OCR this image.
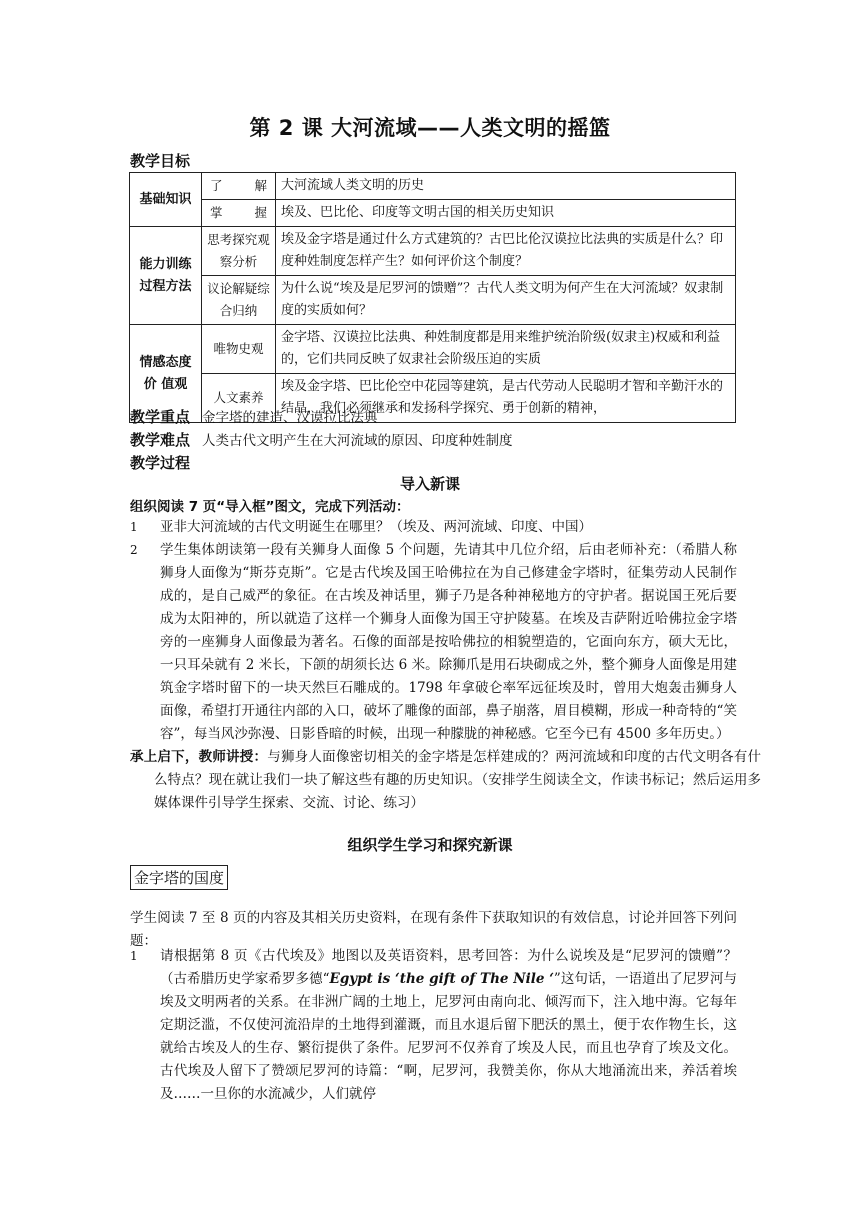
第 2 课 大河流域——人类文明的摇篮
教学目标
基础知识	了 解	大河流域人类文明的历史
	掌 握	埃及、巴比伦、印度等文明古国的相关历史知识
能力训练过程方法	思考探究观察分析	埃及金字塔是通过什么方式建筑的？古巴比伦汉谟拉比法典的实质是什么？印度种姓制度怎样产生？如何评价这个制度？
	议论解疑综合归纳	为什么说“埃及是尼罗河的馈赠”？古代人类文明为何产生在大河流域？奴隶制度的实质如何？
情感态度价 值观	唯物史观	金字塔、汉谟拉比法典、种姓制度都是用来维护统治阶级(奴隶主)权威和利益的，它们共同反映了奴隶社会阶级压迫的实质
	人文素养	埃及金字塔、巴比伦空中花园等建筑，是古代劳动人民聪明才智和辛勤汗水的结晶，我们必须继承和发扬科学探究、勇于创新的精神，
教学重点 金字塔的建造、汉谟拉比法典
教学难点 人类古代文明产生在大河流域的原因、印度种姓制度
教学过程
导入新课
组织阅读 7 页“导入框”图文，完成下列活动：
1 亚非大河流域的古代文明诞生在哪里？（埃及、两河流域、印度、中国）
2 学生集体朗读第一段有关狮身人面像 5 个问题，先请其中几位介绍，后由老师补充：（希腊人称狮身人面像为“斯芬克斯”。它是古代埃及国王哈佛拉在为自己修建金字塔时，征集劳动人民制作成的，是自己威严的象征。在古埃及神话里，狮子乃是各种神秘地方的守护者。据说国王死后要成为太阳神的，所以就造了这样一个狮身人面像为国王守护陵墓。在埃及吉萨附近哈佛拉金字塔旁的一座狮身人面像最为著名。石像的面部是按哈佛拉的相貌塑造的，它面向东方，硕大无比，一只耳朵就有 2 米长，下颌的胡须长达 6 米。除狮爪是用石块砌成之外，整个狮身人面像是用建筑金字塔时留下的一块天然巨石雕成的。1798 年拿破仑率军远征埃及时，曾用大炮轰击狮身人面像，希望打开通往内部的入口，破坏了雕像的面部，鼻子崩落，眉目模糊，形成一种奇特的“笑容”，每当风沙弥漫、日影昏暗的时候，出现一种朦胧的神秘感。它至今已有 4500 多年历史。）
承上启下，教师讲授：与狮身人面像密切相关的金字塔是怎样建成的？两河流域和印度的古代文明各有什么特点？现在就让我们一块了解这些有趣的历史知识。（安排学生阅读全文，作读书标记；然后运用多媒体课件引导学生探索、交流、讨论、练习）
组织学生学习和探究新课
金字塔的国度
学生阅读 7 至 8 页的内容及其相关历史资料，在现有条件下获取知识的有效信息，讨论并回答下列问题：
1 请根据第 8 页《古代埃及》地图以及英语资料，思考回答：为什么说埃及是“尼罗河的馈赠”？（古希腊历史学家希罗多德“Egypt is ‘the gift of The Nile ‘”这句话，一语道出了尼罗河与埃及文明两者的关系。在非洲广阔的土地上，尼罗河由南向北、倾泻而下，注入地中海。它每年定期泛滥，不仅使河流沿岸的土地得到灌溉，而且水退后留下肥沃的黑土，便于农作物生长，这就给古埃及人的生存、繁衍提供了条件。尼罗河不仅养育了埃及人民，而且也孕育了埃及文化。古代埃及人留下了赞颂尼罗河的诗篇：“啊，尼罗河，我赞美你，你从大地涌流出来，养活着埃及……一旦你的水流减少，人们就停
